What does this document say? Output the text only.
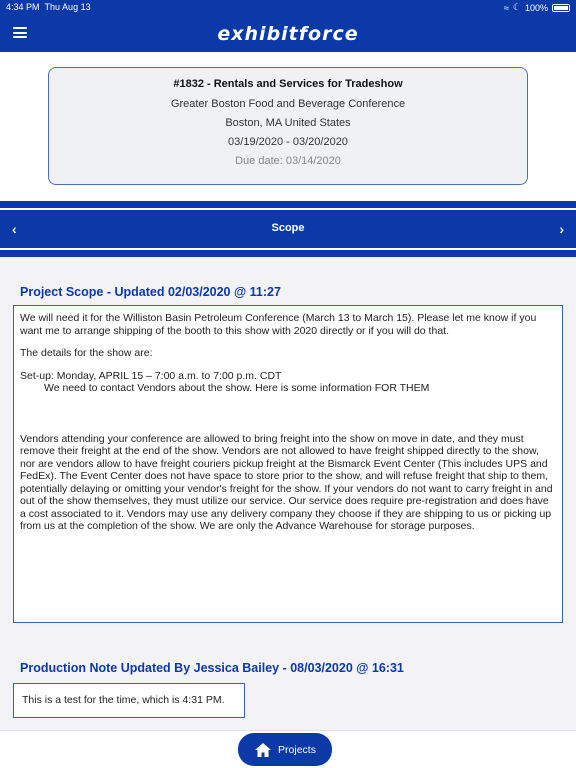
4:34 PM Thu Aug 13	≈ ☾ 100%
exhibitforce
#1832 - Rentals and Services for Tradeshow
Greater Boston Food and Beverage Conference
Boston, MA United States
03/19/2020 - 03/20/2020
Due date: 03/14/2020
‹	Scope	›
Project Scope - Updated 02/03/2020 @ 11:27

We will need it for the Williston Basin Petroleum Conference (March 13 to March 15). Please let me know if you want me to arrange shipping of the booth to this show with 2020 directly or if you will do that.

The details for the show are:

Set-up: Monday, APRIL 15 – 7:00 a.m. to 7:00 p.m. CDT

We need to contact Vendors about the show. Here is some information FOR THEM

Vendors attending your conference are allowed to bring freight into the show on move in date, and they must remove their freight at the end of the show. Vendors are not allowed to have freight shipped directly to the show, nor are vendors allow to have freight couriers pickup freight at the Bismarck Event Center (This includes UPS and FedEx). The Event Center does not have space to store prior to the show, and will refuse freight that ship to them, potentially delaying or omitting your vendor's freight for the show. If your vendors do not want to carry freight in and out of the show themselves, they must utilize our service. Our service does require pre-registration and does have a cost associated to it. Vendors may use any delivery company they choose if they are shipping to us or picking up from us at the completion of the show. We are only the Advance Warehouse for storage purposes.

Production Note Updated By Jessica Bailey - 08/03/2020 @ 16:31
This is a test for the time, which is 4:31 PM.
Projects
